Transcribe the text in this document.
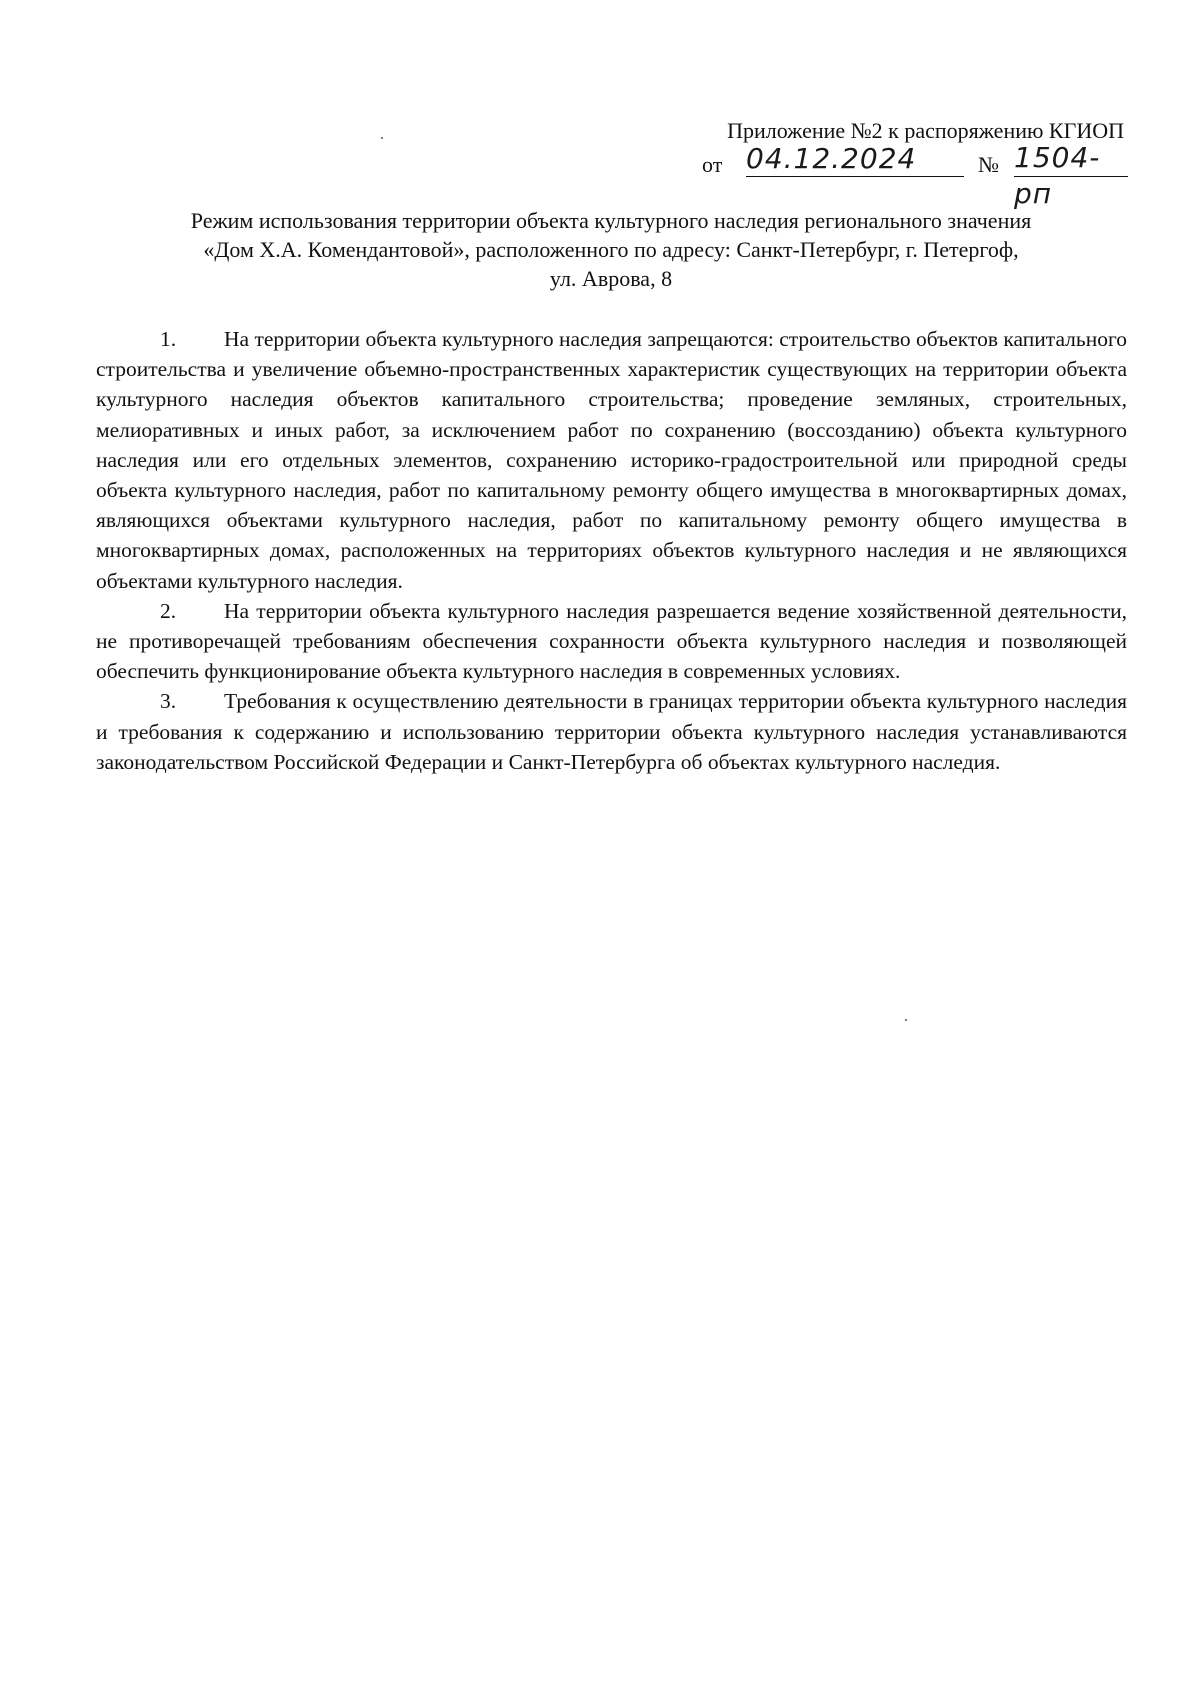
Приложение №2 к распоряжению КГИОП
от 04.12.2024	№ 1504-рп
Режим использования территории объекта культурного наследия регионального значения
«Дом Х.А. Комендантовой», расположенного по адресу: Санкт-Петербург, г. Петергоф,
ул. Аврова, 8

1. На территории объекта культурного наследия запрещаются: строительство объектов капитального строительства и увеличение объемно-пространственных характеристик существующих на территории объекта культурного наследия объектов капитального строительства; проведение земляных, строительных, мелиоративных и иных работ, за исключением работ по сохранению (воссозданию) объекта культурного наследия или его отдельных элементов, сохранению историко-градостроительной или природной среды объекта культурного наследия, работ по капитальному ремонту общего имущества в многоквартирных домах, являющихся объектами культурного наследия, работ по капитальному ремонту общего имущества в многоквартирных домах, расположенных на территориях объектов культурного наследия и не являющихся объектами культурного наследия.

2. На территории объекта культурного наследия разрешается ведение хозяйственной деятельности, не противоречащей требованиям обеспечения сохранности объекта культурного наследия и позволяющей обеспечить функционирование объекта культурного наследия в современных условиях.

3. Требования к осуществлению деятельности в границах территории объекта культурного наследия и требования к содержанию и использованию территории объекта культурного наследия устанавливаются законодательством Российской Федерации и Санкт-Петербурга об объектах культурного наследия.
